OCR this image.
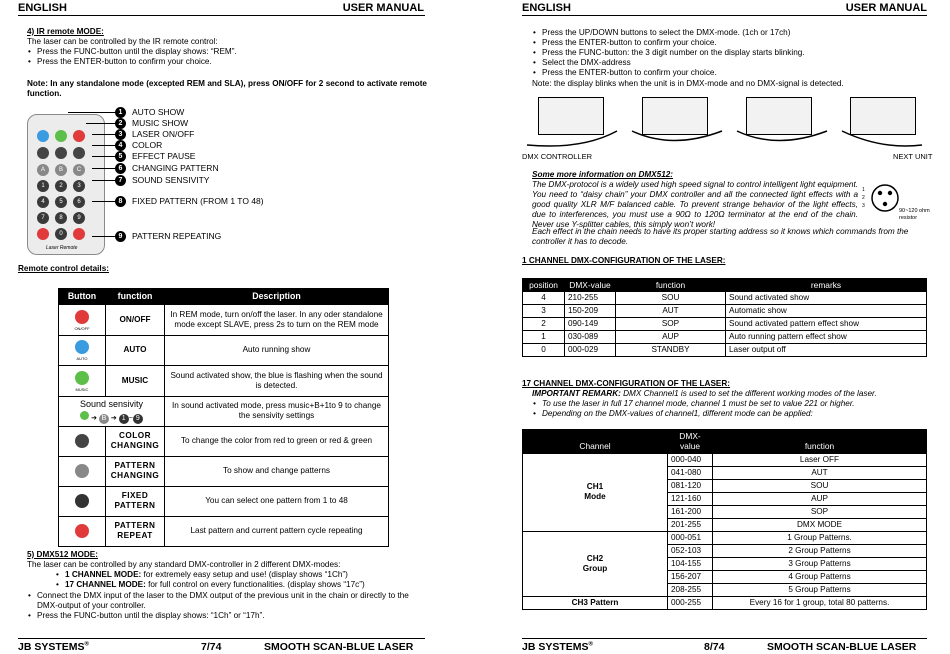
ENGLISH	USER MANUAL
4) IR remote MODE:
The laser can be controlled by the IR remote control:
• Press the FUNC-button until the display shows: “REM”.
• Press the ENTER-button to confirm your choice.
Note: In any standalone mode (excepted REM and SLA), press ON/OFF for 2 second to activate remote function.
A	B	C
1	2	3
4	5	6
7	8	9
0
Laser Remote
1 AUTO SHOW
2 MUSIC SHOW
3 LASER ON/OFF
4 COLOR
5 EFFECT PAUSE
6 CHANGING PATTERN
7 SOUND SENSIVITY
8 FIXED PATTERN (FROM 1 TO 48)
9 PATTERN REPEATING
Remote control details:
Button	function	Description

ON/OFF	ON/OFF	In REM mode, turn on/off the laser. In any oder standalone mode except SLAVE, press 2s to turn on the REM mode

AUTO	AUTO	Auto running show

MUSIC	MUSIC	Sound activated show, the blue is flashing when the sound is detected.

Sound sensivity
➔ B ➔ 1 ~ 9		In sound activated mode, press music+B+1to 9 to change the sensivity settings
	COLOR CHANGING	To change the color from red to green or red & green
	PATTERN CHANGING	To show and change patterns
	FIXED PATTERN	You can select one pattern from 1 to 48
	PATTERN REPEAT	Last pattern and current pattern cycle repeating
5) DMX512 MODE:
The laser can be controlled by any standard DMX-controller in 2 different DMX-modes:
• 1 CHANNEL MODE: for extremely easy setup and use! (display shows “1Ch”)
• 17 CHANNEL MODE: for full control on every functionalities. (display shows “17c”)
• Connect the DMX input of the laser to the DMX output of the previous unit in the chain or directly to the DMX-output of your controller.
• Press the FUNC-button until the display shows: “1Ch” or “17h”.
JB SYSTEMS®	7/74	SMOOTH SCAN-BLUE LASER
ENGLISH	USER MANUAL
• Press the UP/DOWN buttons to select the DMX-mode. (1ch or 17ch)
• Press the ENTER-button to confirm your choice.
• Press the FUNC-button: the 3 digit number on the display starts blinking.
• Select the DMX-address
• Press the ENTER-button to confirm your choice.
Note: the display blinks when the unit is in DMX-mode and no DMX-signal is detected.
DMX CONTROLLER	NEXT UNIT
Some more information on DMX512:
The DMX-protocol is a widely used high speed signal to control intelligent light equipment. You need to “daisy chain” your DMX controller and all the connected light effects with a good quality XLR M/F balanced cable. To prevent strange behavior of the light effects, due to interferences, you must use a 90Ω to 120Ω terminator at the end of the chain. Never use Y-splitter cables, this simply won’t work!
Each effect in the chain needs to have its proper starting address so it knows which commands from the controller it has to decode.
1
2
3
90~120 ohm resistor
1 CHANNEL DMX-CONFIGURATION OF THE LASER:
position	DMX-value	function	remarks
4	210-255	SOU	Sound activated show
3	150-209	AUT	Automatic show
2	090-149	SOP	Sound activated pattern effect show
1	030-089	AUP	Auto running pattern effect show
0	000-029	STANDBY	Laser output off
17 CHANNEL DMX-CONFIGURATION OF THE LASER:
IMPORTANT REMARK: DMX Channel1 is used to set the different working modes of the laser.
• To use the laser in full 17 channel mode, channel 1 must be set to value 221 or higher.
• Depending on the DMX-values of channel1, different mode can be applied:
Channel	DMX-value	function

CH1
Mode	000-040	Laser OFF
	041-080	AUT
	081-120	SOU
	121-160	AUP
	161-200	SOP
	201-255	DMX MODE

CH2
Group	000-051	1 Group Patterns.
	052-103	2 Group Patterns
	104-155	3 Group Patterns
	156-207	4 Group Patterns
	208-255	5 Group Patterns
CH3 Pattern	000-255	Every 16 for 1 group, total 80 patterns.
JB SYSTEMS®	8/74	SMOOTH SCAN-BLUE LASER
